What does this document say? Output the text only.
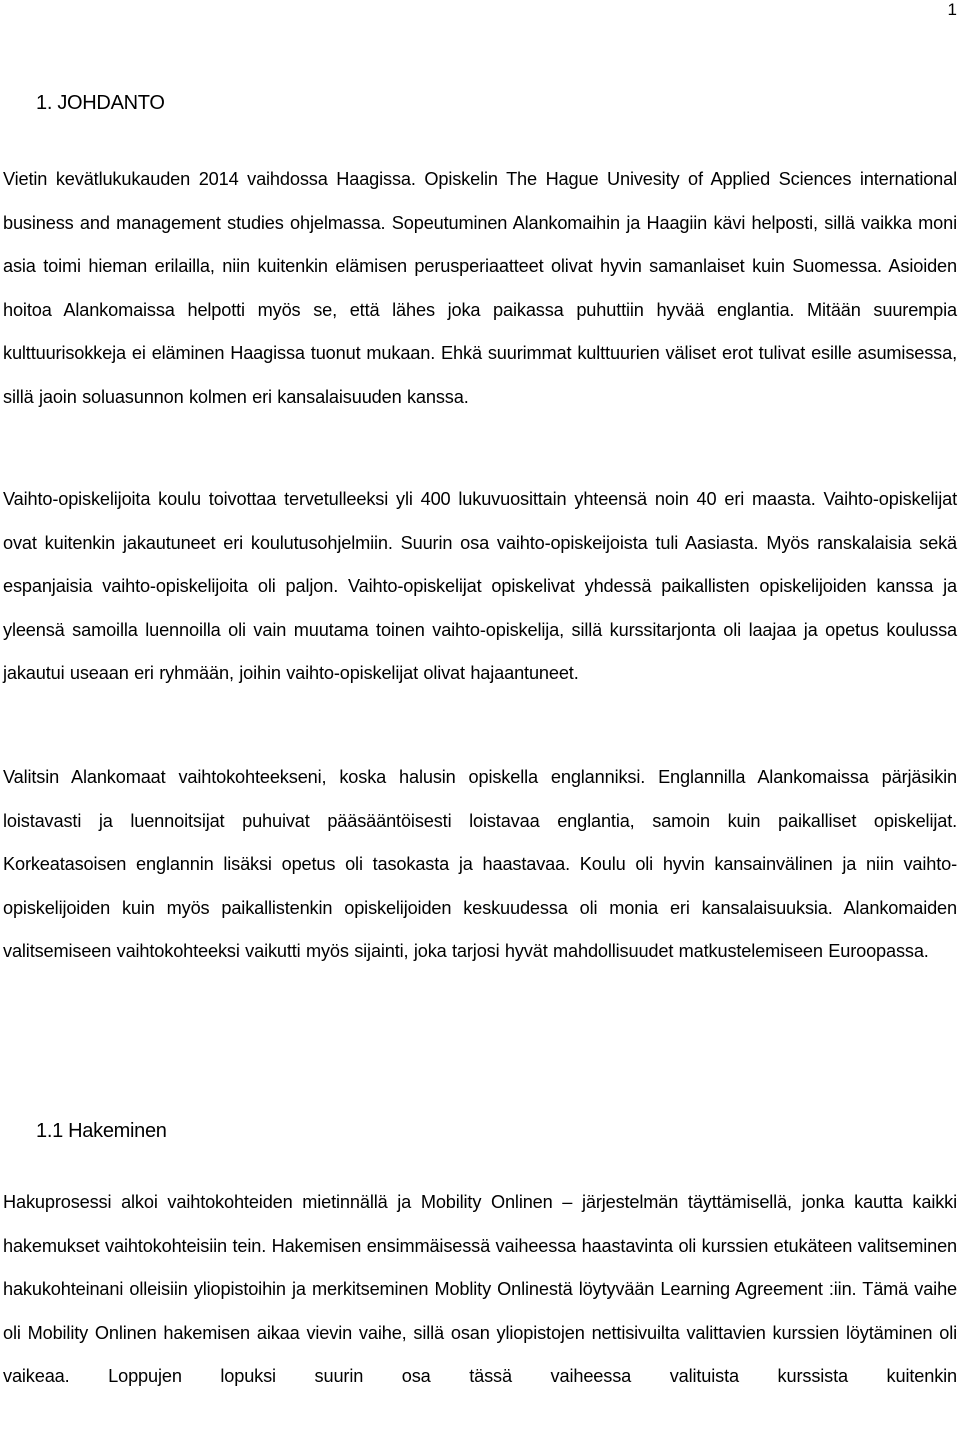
1
1. JOHDANTO

Vietin kevätlukukauden 2014 vaihdossa Haagissa. Opiskelin The Hague Univesity of Applied Sciences international business and management studies ohjelmassa. Sopeutuminen Alankomaihin ja Haagiin kävi helposti, sillä vaikka moni asia toimi hieman erilailla, niin kuitenkin elämisen perusperiaatteet olivat hyvin samanlaiset kuin Suomessa. Asioiden hoitoa Alankomaissa helpotti myös se, että lähes joka paikassa puhuttiin hyvää englantia. Mitään suurempia kulttuurisokkeja ei eläminen Haagissa tuonut mukaan. Ehkä suurimmat kulttuurien väliset erot tulivat esille asumisessa, sillä jaoin soluasunnon kolmen eri kansalaisuuden kanssa.

Vaihto-opiskelijoita koulu toivottaa tervetulleeksi yli 400 lukuvuosittain yhteensä noin 40 eri maasta. Vaihto-opiskelijat ovat kuitenkin jakautuneet eri koulutusohjelmiin. Suurin osa vaihto-opiskeijoista tuli Aasiasta. Myös ranskalaisia sekä espanjaisia vaihto-opiskelijoita oli paljon. Vaihto-opiskelijat opiskelivat yhdessä paikallisten opiskelijoiden kanssa ja yleensä samoilla luennoilla oli vain muutama toinen vaihto-opiskelija, sillä kurssitarjonta oli laajaa ja opetus koulussa jakautui useaan eri ryhmään, joihin vaihto-opiskelijat olivat hajaantuneet.

Valitsin Alankomaat vaihtokohteekseni, koska halusin opiskella englanniksi. Englannilla Alankomaissa pärjäsikin loistavasti ja luennoitsijat puhuivat pääsääntöisesti loistavaa englantia, samoin kuin paikalliset opiskelijat. Korkeatasoisen englannin lisäksi opetus oli tasokasta ja haastavaa. Koulu oli hyvin kansainvälinen ja niin vaihto-opiskelijoiden kuin myös paikallistenkin opiskelijoiden keskuudessa oli monia eri kansalaisuuksia. Alankomaiden valitsemiseen vaihtokohteeksi vaikutti myös sijainti, joka tarjosi hyvät mahdollisuudet matkustelemiseen Euroopassa.

1.1 Hakeminen

Hakuprosessi alkoi vaihtokohteiden mietinnällä ja Mobility Onlinen – järjestelmän täyttämisellä, jonka kautta kaikki hakemukset vaihtokohteisiin tein. Hakemisen ensimmäisessä vaiheessa haastavinta oli kurssien etukäteen valitseminen hakukohteinani olleisiin yliopistoihin ja merkitseminen Moblity Onlinestä löytyvään Learning Agreement :iin. Tämä vaihe oli Mobility Onlinen hakemisen aikaa vievin vaihe, sillä osan yliopistojen nettisivuilta valittavien kurssien löytäminen oli vaikeaa. Loppujen lopuksi suurin osa tässä vaiheessa valituista kurssista kuitenkin
